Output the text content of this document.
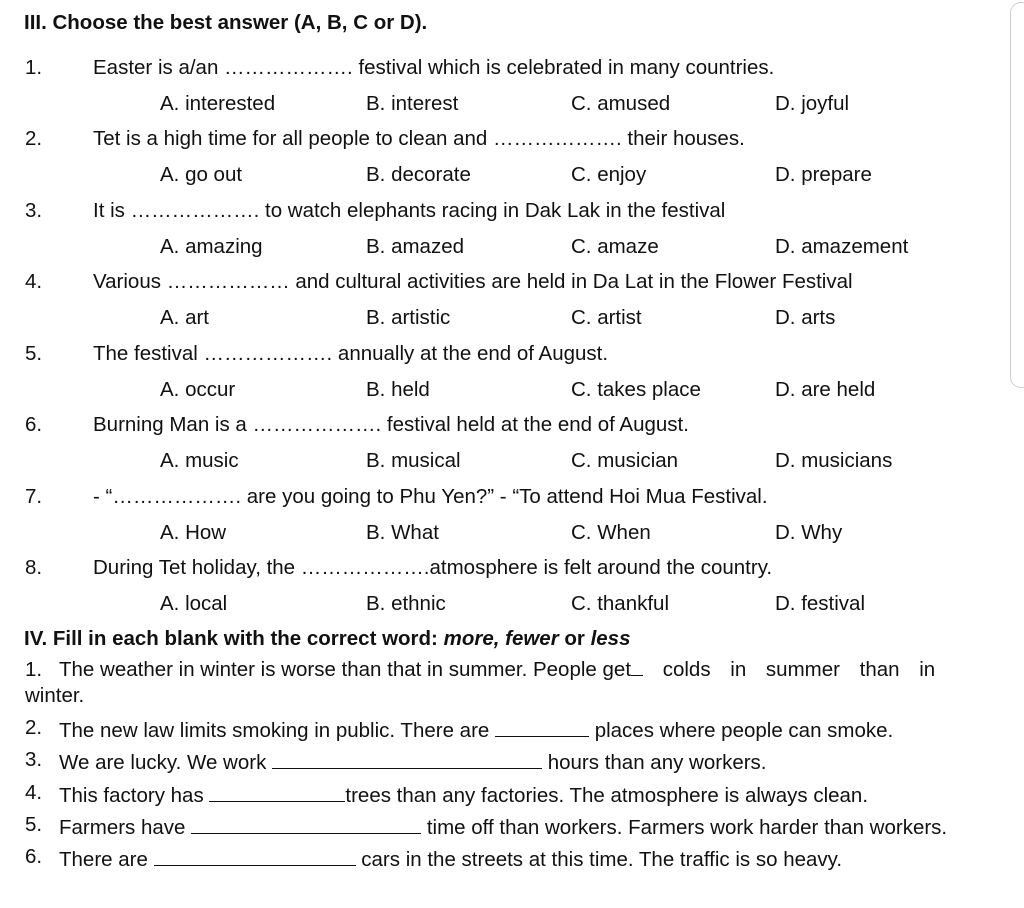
III. Choose the best answer (A, B, C or D).
1. Easter is a/an ………………. festival which is celebrated in many countries.
A. interested	B. interest	C. amused	D. joyful
2. Tet is a high time for all people to clean and ………………. their houses.
A. go out	B. decorate	C. enjoy	D. prepare
3. It is ………………. to watch elephants racing in Dak Lak in the festival
A. amazing	B. amazed	C. amaze	D. amazement
4. Various ……………… and cultural activities are held in Da Lat in the Flower Festival
A. art	B. artistic	C. artist	D. arts
5. The festival ………………. annually at the end of August.
A. occur	B. held	C. takes place	D. are held
6. Burning Man is a ………………. festival held at the end of August.
A. music	B. musical	C. musician	D. musicians
7. - “………………. are you going to Phu Yen?” - “To attend Hoi Mua Festival.
A. How	B. What	C. When	D. Why
8. During Tet holiday, the ……………….atmosphere is felt around the country.
A. local	B. ethnic	C. thankful	D. festival
IV. Fill in each blank with the correct word: more, fewer or less
1. The weather in winter is worse than that in summer. People get colds in summer than in
winter.
2. The new law limits smoking in public. There are	places where people can smoke.
3. We are lucky. We work	hours than any workers.
4. This factory has	trees than any factories. The atmosphere is always clean.
5. Farmers have	time off than workers. Farmers work harder than workers.
6. There are	cars in the streets at this time. The traffic is so heavy.
